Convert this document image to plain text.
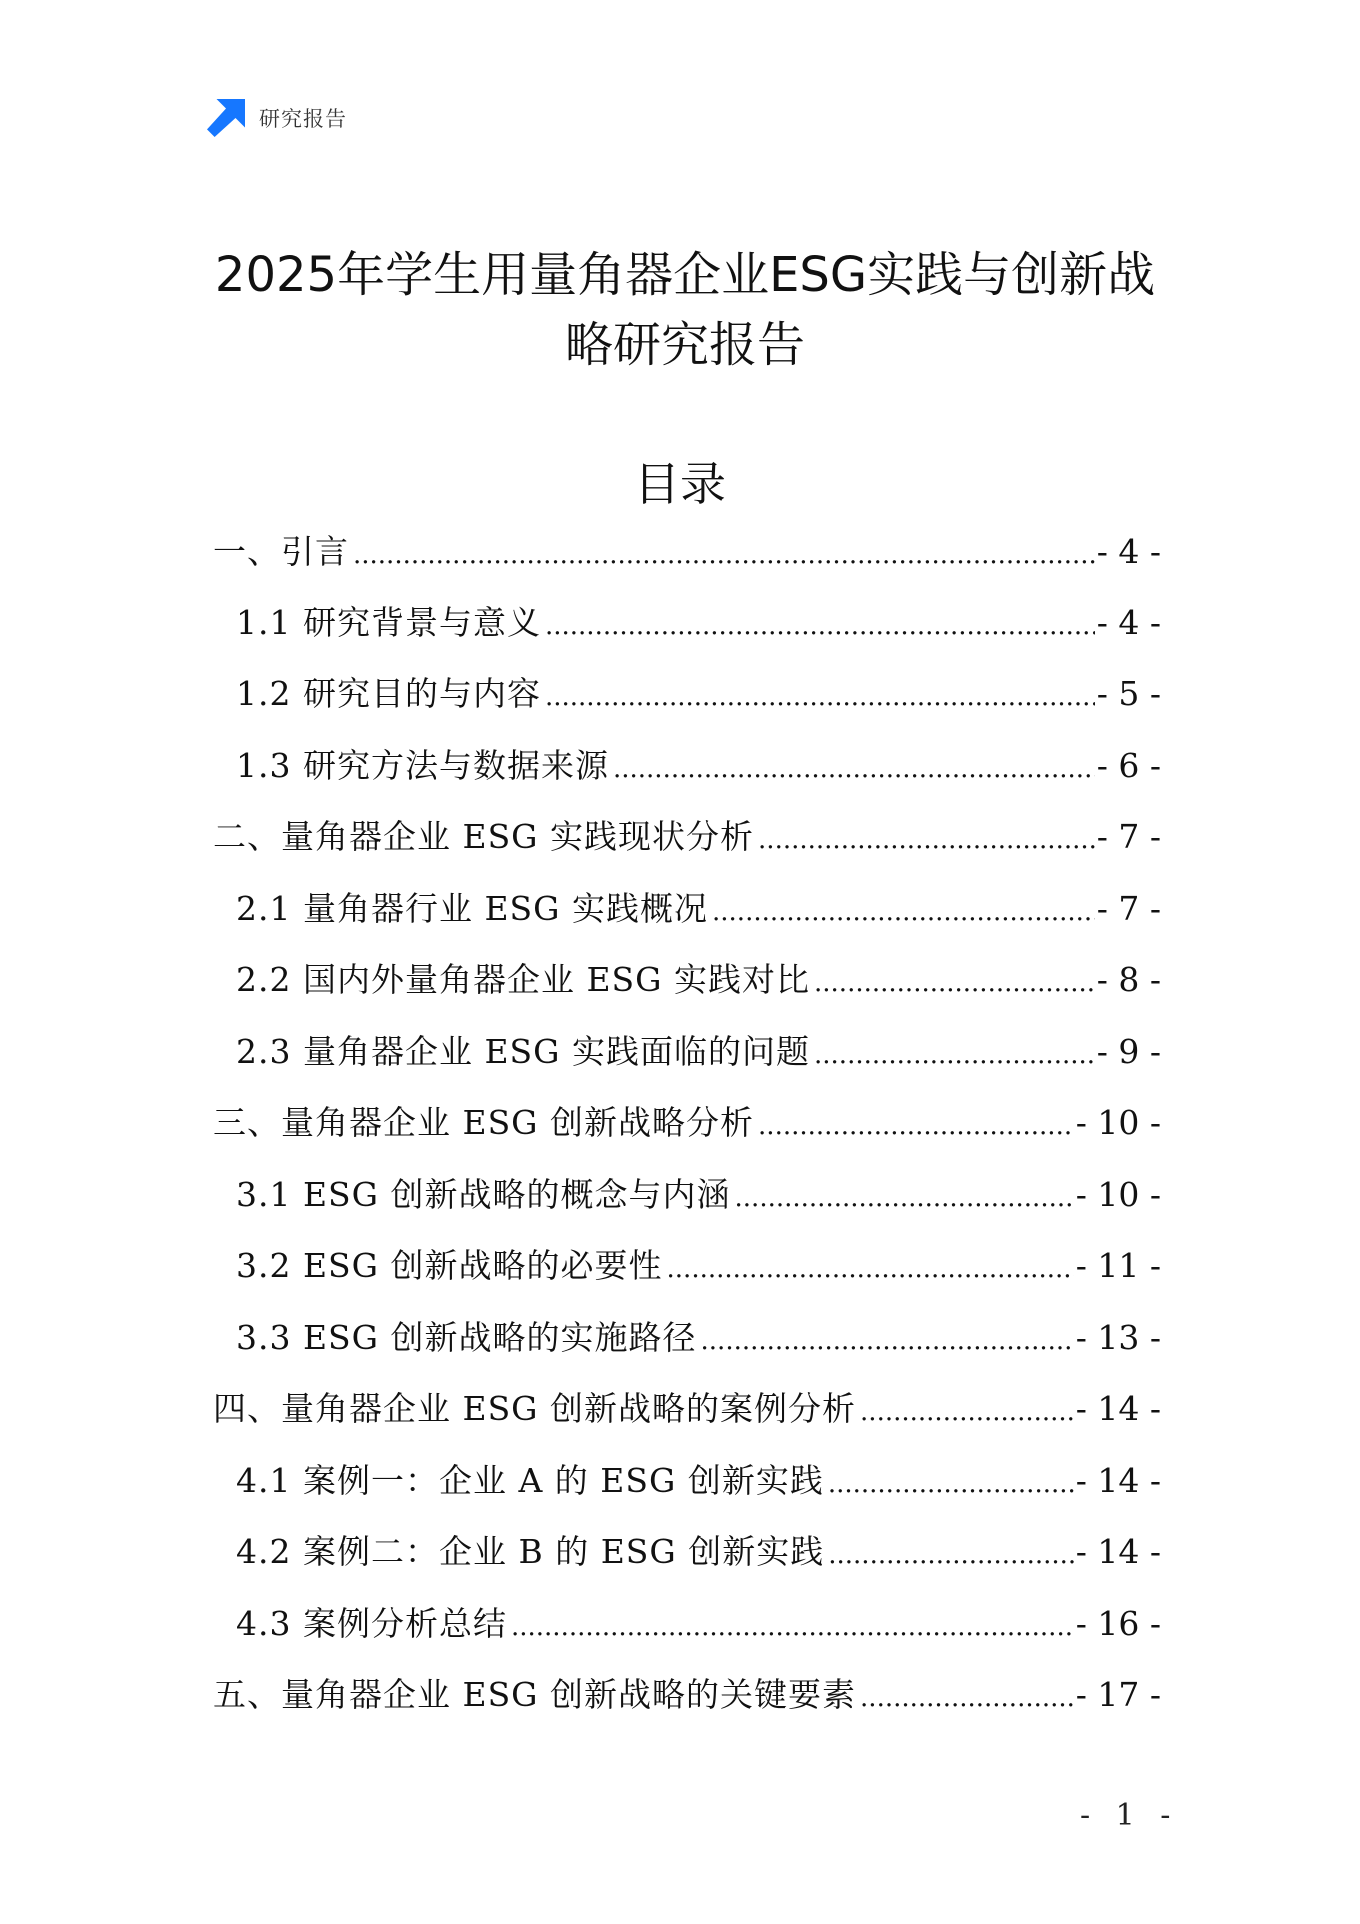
研究报告
2025年学生用量角器企业ESG实践与创新战
略研究报告
目录
一、引言 .....	- 4 -
1.1 研究背景与意义 .....	- 4 -
1.2 研究目的与内容 .....	- 5 -
1.3 研究方法与数据来源 .....	- 6 -
二、量角器企业 ESG 实践现状分析 .....	- 7 -
2.1 量角器行业 ESG 实践概况 .....	- 7 -
2.2 国内外量角器企业 ESG 实践对比 .....	- 8 -
2.3 量角器企业 ESG 实践面临的问题 .....	- 9 -
三、量角器企业 ESG 创新战略分析 .....	- 10 -
3.1 ESG 创新战略的概念与内涵 .....	- 10 -
3.2 ESG 创新战略的必要性 .....	- 11 -
3.3 ESG 创新战略的实施路径 .....	- 13 -
四、量角器企业 ESG 创新战略的案例分析 .....	- 14 -
4.1 案例一：企业 A 的 ESG 创新实践 .....	- 14 -
4.2 案例二：企业 B 的 ESG 创新实践 .....	- 14 -
4.3 案例分析总结 .....	- 16 -
五、量角器企业 ESG 创新战略的关键要素 .....	- 17 -
- 1 -
